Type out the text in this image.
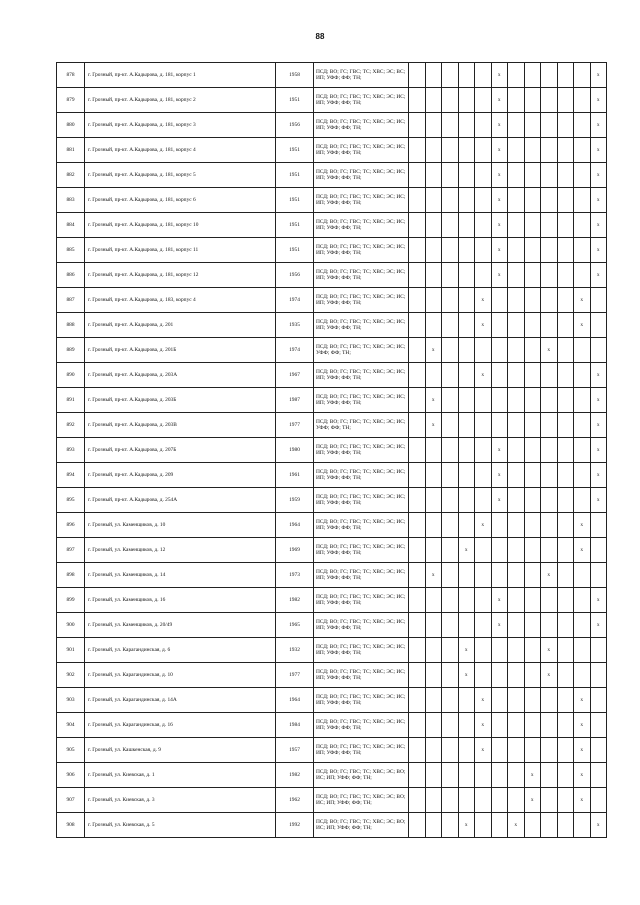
88
878	г. Грозный, пр-кт. А.Кадырова, д. 181, корпус 1	1958	ПСД; ВО; ГС; ГВС; ТС; ХВС; ЭС; ВС; ИП; УФФ; ФФ; ТН;						x						x
879	г. Грозный, пр-кт. А.Кадырова, д. 181, корпус 2	1951	ПСД; ВО; ГС; ГВС; ТС; ХВС; ЭС; ИС; ИП; УФФ; ФФ; ТН;						x						x
880	г. Грозный, пр-кт. А.Кадырова, д. 181, корпус 3	1956	ПСД; ВО; ГС; ГВС; ТС; ХВС; ЭС; ИС; ИП; УФФ; ФФ; ТН;						x						x
881	г. Грозный, пр-кт. А.Кадырова, д. 181, корпус 4	1951	ПСД; ВО; ГС; ГВС; ТС; ХВС; ЭС; ИС; ИП; УФФ; ФФ; ТН;						x						x
882	г. Грозный, пр-кт. А.Кадырова, д. 181, корпус 5	1951	ПСД; ВО; ГС; ГВС; ТС; ХВС; ЭС; ИС; ИП; УФФ; ФФ; ТН;						x						x
883	г. Грозный, пр-кт. А.Кадырова, д. 181, корпус 6	1951	ПСД; ВО; ГС; ГВС; ТС; ХВС; ЭС; ИС; ИП; УФФ; ФФ; ТН;						x						x
884	г. Грозный, пр-кт. А.Кадырова, д. 181, корпус 10	1951	ПСД; ВО; ГС; ГВС; ТС; ХВС; ЭС; ИС; ИП; УФФ; ФФ; ТН;						x						x
885	г. Грозный, пр-кт. А.Кадырова, д. 181, корпус 11	1951	ПСД; ВО; ГС; ГВС; ТС; ХВС; ЭС; ИС; ИП; УФФ; ФФ; ТН;						x						x
886	г. Грозный, пр-кт. А.Кадырова, д. 181, корпус 12	1956	ПСД; ВО; ГС; ГВС; ТС; ХВС; ЭС; ИС; ИП; УФФ; ФФ; ТН;						x						x
887	г. Грозный, пр-кт. А.Кадырова, д. 183, корпус 4	1974	ПСД; ВО; ГС; ГВС; ТС; ХВС; ЭС; ИС; ИП; УФФ; ФФ; ТН;					x						x	
888	г. Грозный, пр-кт. А.Кадырова, д. 201	1935	ПСД; ВО; ГС; ГВС; ТС; ХВС; ЭС; ИС; ИП; УФФ; ФФ; ТН;					x						x	
889	г. Грозный, пр-кт. А.Кадырова, д. 201Б	1974	ПСД; ВО; ГС; ГВС; ТС; ХВС; ЭС; ИС; УФФ; ФФ; ТН;		x							x			
890	г. Грозный, пр-кт. А.Кадырова, д. 203А	1967	ПСД; ВО; ГС; ГВС; ТС; ХВС; ЭС; ИС; ИП; УФФ; ФФ; ТН;					x							x
891	г. Грозный, пр-кт. А.Кадырова, д. 203Б	1987	ПСД; ВО; ГС; ГВС; ТС; ХВС; ЭС; ИС; ИП; УФФ; ФФ; ТН;		x										x
892	г. Грозный, пр-кт. А.Кадырова, д. 203В	1977	ПСД; ВО; ГС; ГВС; ТС; ХВС; ЭС; ИС; УФФ; ФФ; ТН;		x										x
893	г. Грозный, пр-кт. А.Кадырова, д. 207Б	1980	ПСД; ВО; ГС; ГВС; ТС; ХВС; ЭС; ИС; ИП; УФФ; ФФ; ТН;						x						x
894	г. Грозный, пр-кт. А.Кадырова, д. 209	1961	ПСД; ВО; ГС; ГВС; ТС; ХВС; ЭС; ИС; ИП; УФФ; ФФ; ТН;						x						x
895	г. Грозный, пр-кт. А.Кадырова, д. 254А	1959	ПСД; ВО; ГС; ГВС; ТС; ХВС; ЭС; ИС; ИП; УФФ; ФФ; ТН;						x						x
896	г. Грозный, ул. Каменщиков, д. 10	1964	ПСД; ВО; ГС; ГВС; ТС; ХВС; ЭС; ИС; ИП; УФФ; ФФ; ТН;					x						x	
897	г. Грозный, ул. Каменщиков, д. 12	1969	ПСД; ВО; ГС; ГВС; ТС; ХВС; ЭС; ИС; ИП; УФФ; ФФ; ТН;				x							x	
898	г. Грозный, ул. Каменщиков, д. 14	1973	ПСД; ВО; ГС; ГВС; ТС; ХВС; ЭС; ИС; ИП; УФФ; ФФ; ТН;		x							x			
899	г. Грозный, ул. Каменщиков, д. 16	1982	ПСД; ВО; ГС; ГВС; ТС; ХВС; ЭС; ИС; ИП; УФФ; ФФ; ТН;						x						x
900	г. Грозный, ул. Каменщиков, д. 20/49	1965	ПСД; ВО; ГС; ГВС; ТС; ХВС; ЭС; ИС; ИП; УФФ; ФФ; ТН;						x						x
901	г. Грозный, ул. Карагандинская, д. 6	1932	ПСД; ВО; ГС; ГВС; ТС; ХВС; ЭС; ИС; ИП; УФФ; ФФ; ТН;				x					x			
902	г. Грозный, ул. Карагандинская, д. 10	1977	ПСД; ВО; ГС; ГВС; ТС; ХВС; ЭС; ИС; ИП; УФФ; ФФ; ТН;				x					x			
903	г. Грозный, ул. Карагандинская, д. 14А	1964	ПСД; ВО; ГС; ГВС; ТС; ХВС; ЭС; ИС; ИП; УФФ; ФФ; ТН;					x						x	
904	г. Грозный, ул. Карагандинская, д. 16	1984	ПСД; ВО; ГС; ГВС; ТС; ХВС; ЭС; ИС; ИП; УФФ; ФФ; ТН;					x						x	
905	г. Грозный, ул. Кашкенская, д. 9	1957	ПСД; ВО; ГС; ГВС; ТС; ХВС; ЭС; ИС; ИП; УФФ; ФФ; ТН;					x						x	
906	г. Грозный, ул. Киевская, д. 1	1982	ПСД; ВО; ГС; ГВС; ТС; ХВС; ЭС; ВО; ИС; ИП; УФФ; ФФ; ТН;								x			x	
907	г. Грозный, ул. Киевская, д. 3	1962	ПСД; ВО; ГС; ГВС; ТС; ХВС; ЭС; ВО; ИС; ИП; УФФ; ФФ; ТН;								x			x	
908	г. Грозный, ул. Киевская, д. 5	1992	ПСД; ВО; ГС; ГВС; ТС; ХВС; ЭС; ВО; ИС; ИП; УФФ; ФФ; ТН;				x			x					x
